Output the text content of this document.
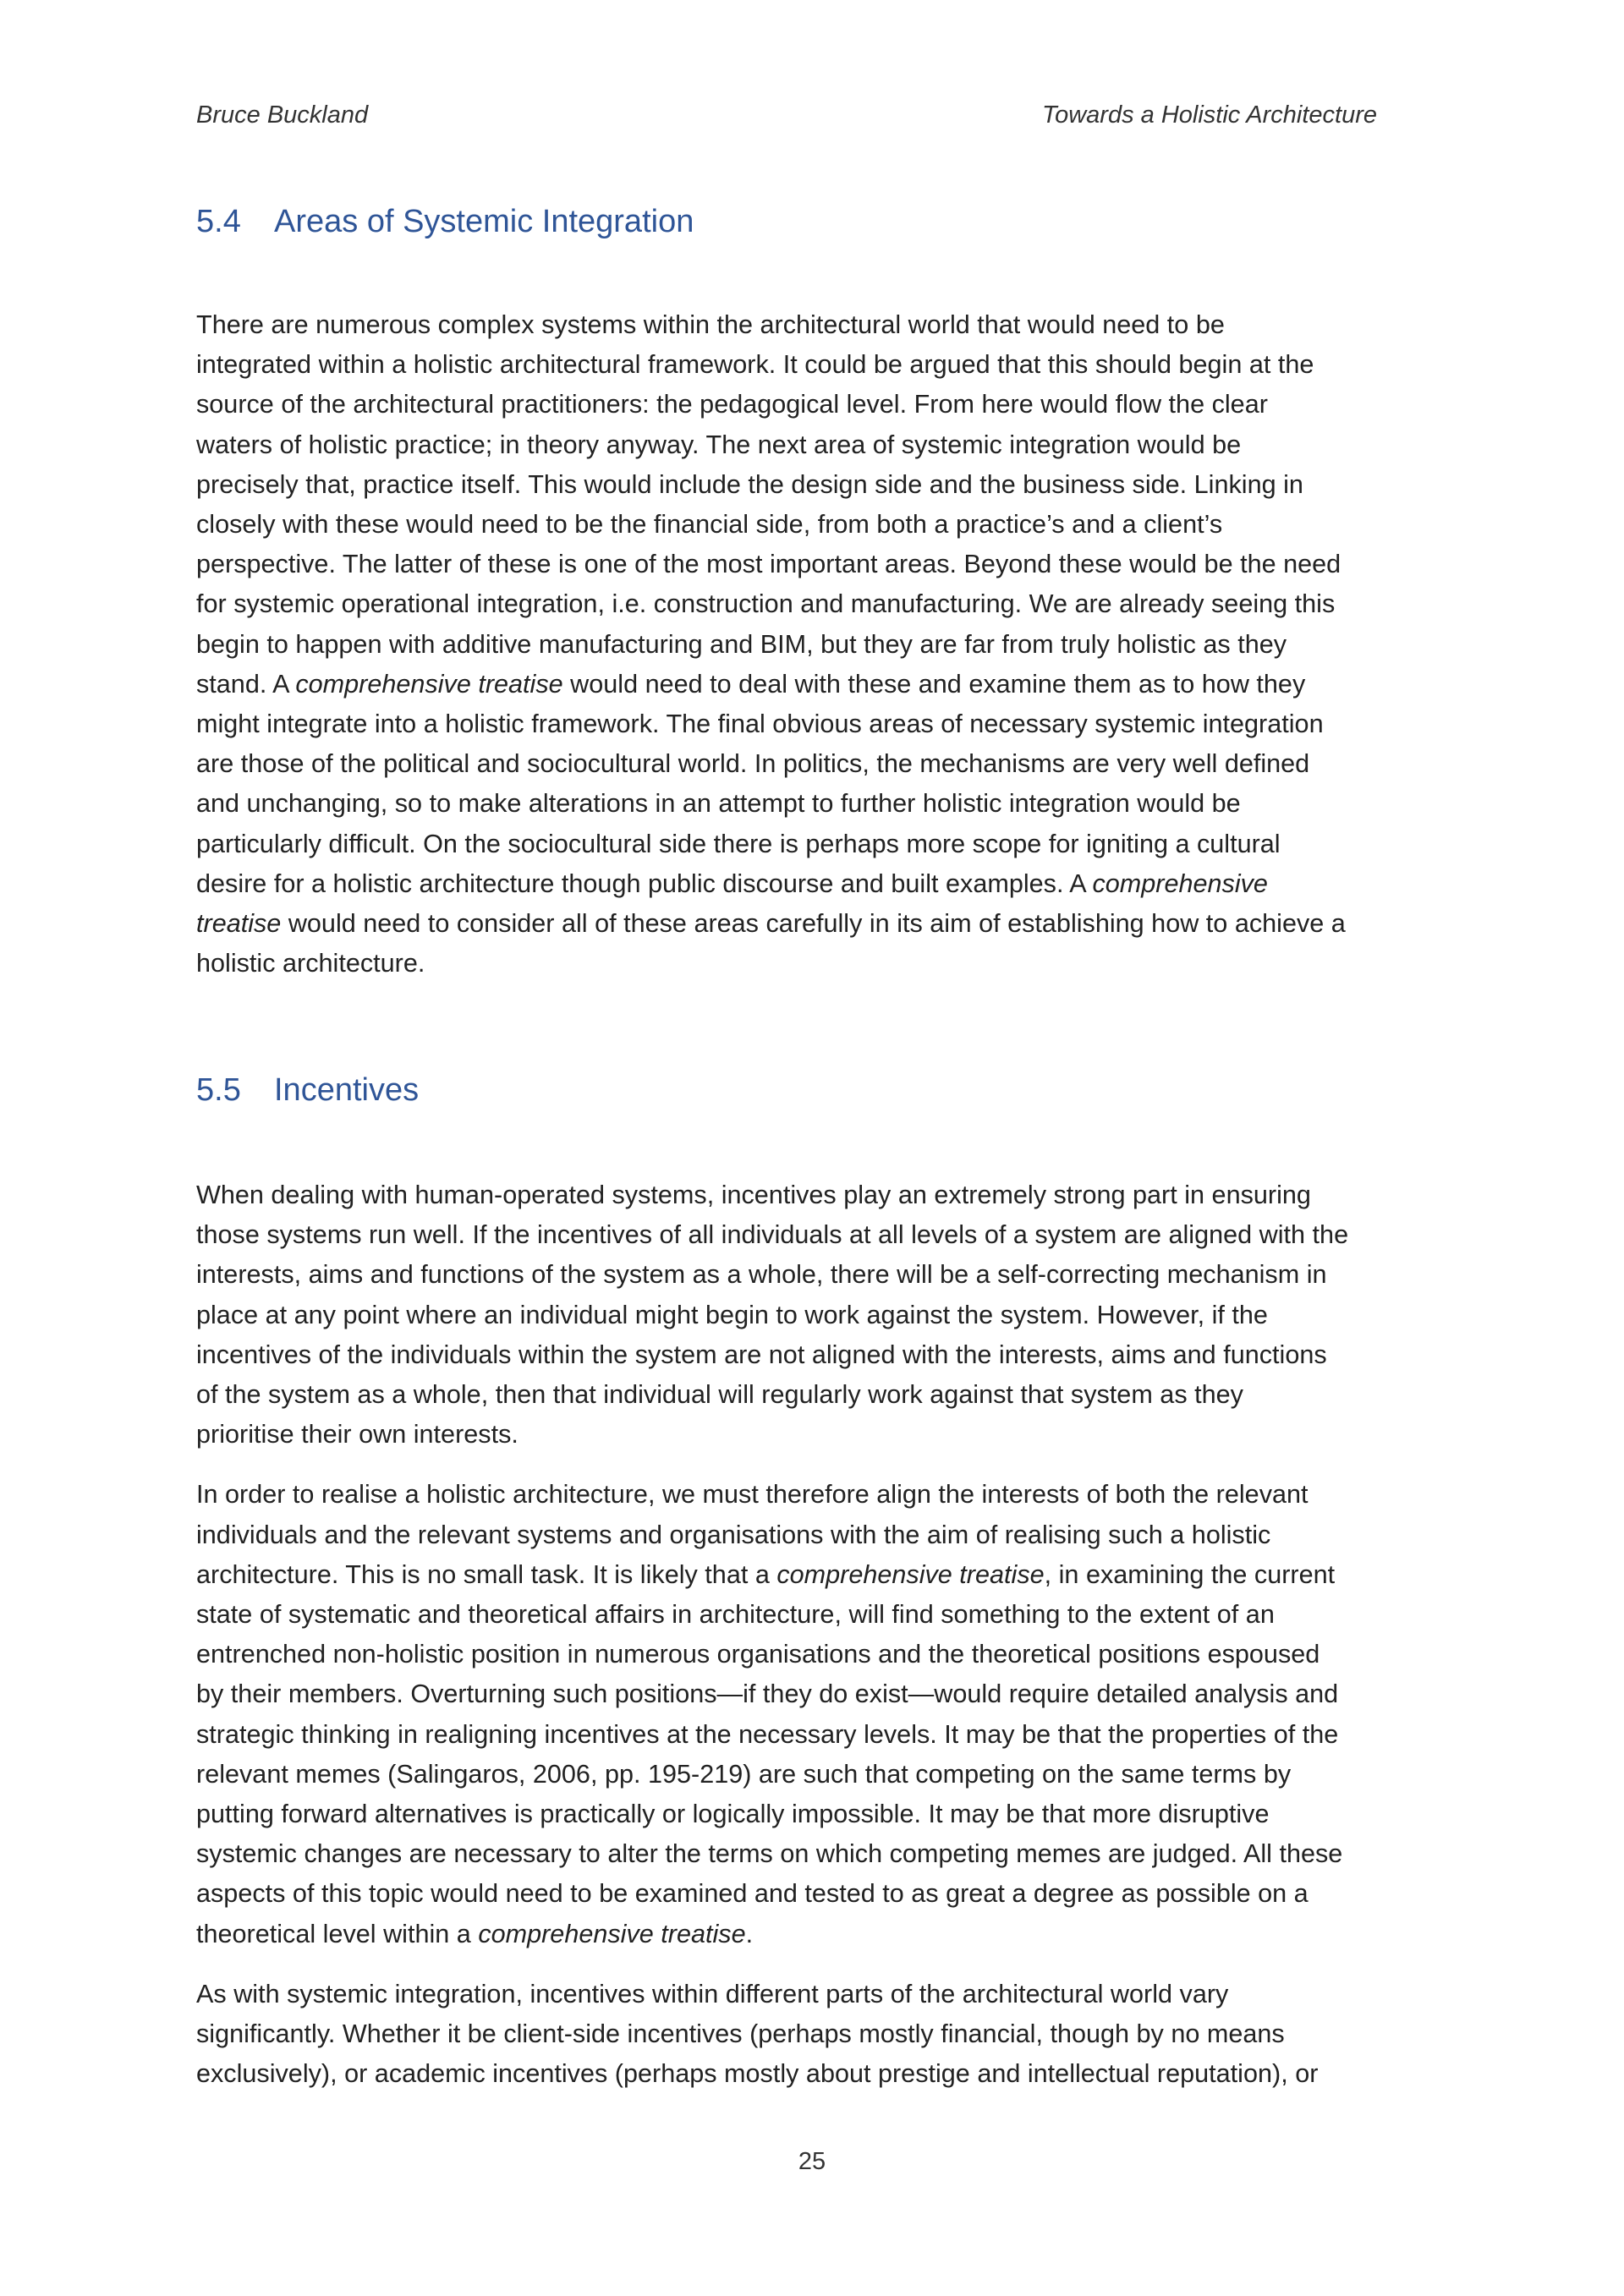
Bruce Buckland	Towards a Holistic Architecture
5.4 Areas of Systemic Integration

There are numerous complex systems within the architectural world that would need to be

integrated within a holistic architectural framework. It could be argued that this should begin at the

source of the architectural practitioners: the pedagogical level. From here would flow the clear

waters of holistic practice; in theory anyway. The next area of systemic integration would be

precisely that, practice itself. This would include the design side and the business side. Linking in

closely with these would need to be the financial side, from both a practice’s and a client’s

perspective. The latter of these is one of the most important areas. Beyond these would be the need

for systemic operational integration, i.e. construction and manufacturing. We are already seeing this

begin to happen with additive manufacturing and BIM, but they are far from truly holistic as they

stand. A comprehensive treatise would need to deal with these and examine them as to how they

might integrate into a holistic framework. The final obvious areas of necessary systemic integration

are those of the political and sociocultural world. In politics, the mechanisms are very well defined

and unchanging, so to make alterations in an attempt to further holistic integration would be

particularly difficult. On the sociocultural side there is perhaps more scope for igniting a cultural

desire for a holistic architecture though public discourse and built examples. A comprehensive

treatise would need to consider all of these areas carefully in its aim of establishing how to achieve a

holistic architecture.

5.5 Incentives

When dealing with human-operated systems, incentives play an extremely strong part in ensuring

those systems run well. If the incentives of all individuals at all levels of a system are aligned with the

interests, aims and functions of the system as a whole, there will be a self-correcting mechanism in

place at any point where an individual might begin to work against the system. However, if the

incentives of the individuals within the system are not aligned with the interests, aims and functions

of the system as a whole, then that individual will regularly work against that system as they

prioritise their own interests.

In order to realise a holistic architecture, we must therefore align the interests of both the relevant

individuals and the relevant systems and organisations with the aim of realising such a holistic

architecture. This is no small task. It is likely that a comprehensive treatise, in examining the current

state of systematic and theoretical affairs in architecture, will find something to the extent of an

entrenched non-holistic position in numerous organisations and the theoretical positions espoused

by their members. Overturning such positions—if they do exist—would require detailed analysis and

strategic thinking in realigning incentives at the necessary levels. It may be that the properties of the

relevant memes (Salingaros, 2006, pp. 195-219) are such that competing on the same terms by

putting forward alternatives is practically or logically impossible. It may be that more disruptive

systemic changes are necessary to alter the terms on which competing memes are judged. All these

aspects of this topic would need to be examined and tested to as great a degree as possible on a

theoretical level within a comprehensive treatise.

As with systemic integration, incentives within different parts of the architectural world vary

significantly. Whether it be client-side incentives (perhaps mostly financial, though by no means

exclusively), or academic incentives (perhaps mostly about prestige and intellectual reputation), or

25
